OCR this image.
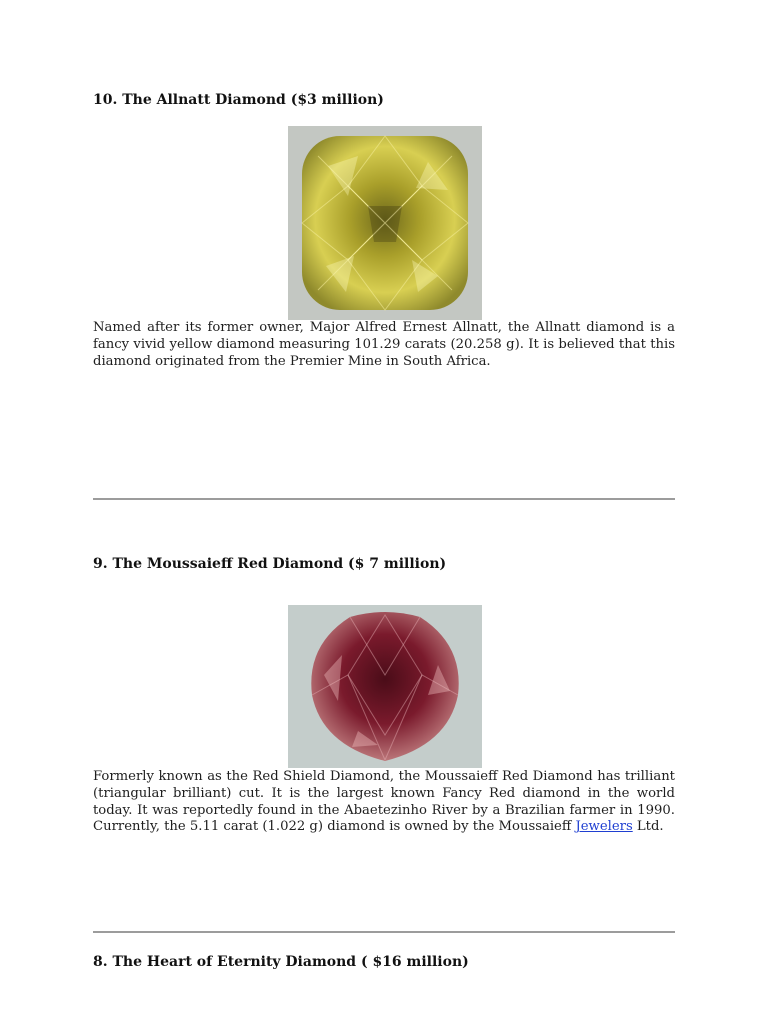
10. The Allnatt Diamond ($3 million)
Named after its former owner, Major Alfred Ernest Allnatt, the Allnatt diamond is a fancy vivid yellow diamond measuring 101.29 carats (20.258 g). It is believed that this diamond originated from the Premier Mine in South Africa.
9. The Moussaieff Red Diamond ($ 7 million)
Formerly known as the Red Shield Diamond, the Moussaieff Red Diamond has trilliant (triangular brilliant) cut. It is the largest known Fancy Red diamond in the world today. It was reportedly found in the Abaetezinho River by a Brazilian farmer in 1990. Currently, the 5.11 carat (1.022 g) diamond is owned by the Moussaieff Jewelers Ltd.
8. The Heart of Eternity Diamond ( $16 million)
